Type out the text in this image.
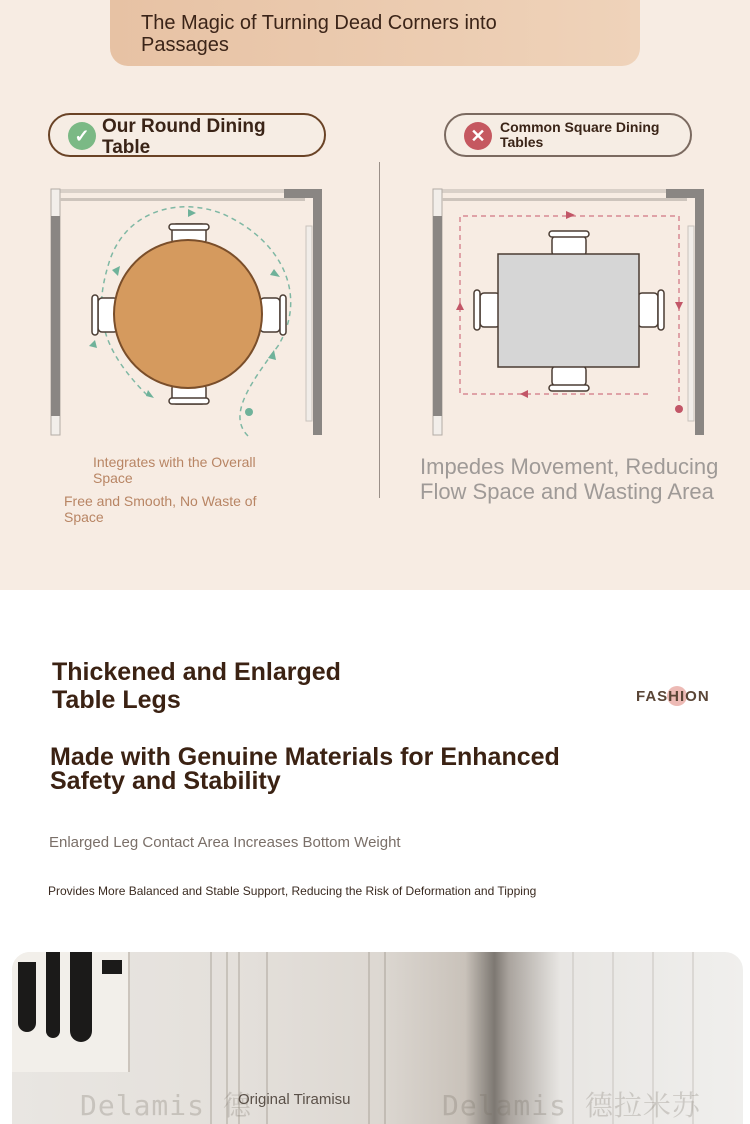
The Magic of Turning Dead Corners into Passages
✓ Our Round Dining Table
✕	Common Square Dining Tables
Integrates with the Overall Space
Free and Smooth, No Waste of Space
Impedes Movement, Reducing Flow Space and Wasting Area
Thickened and Enlarged Table Legs	FASHION
Made with Genuine Materials for Enhanced Safety and Stability
Enlarged Leg Contact Area Increases Bottom Weight
Provides More Balanced and Stable Support, Reducing the Risk of Deformation and Tipping
Delamis 德	Delamis 德拉米苏
Original Tiramisu
